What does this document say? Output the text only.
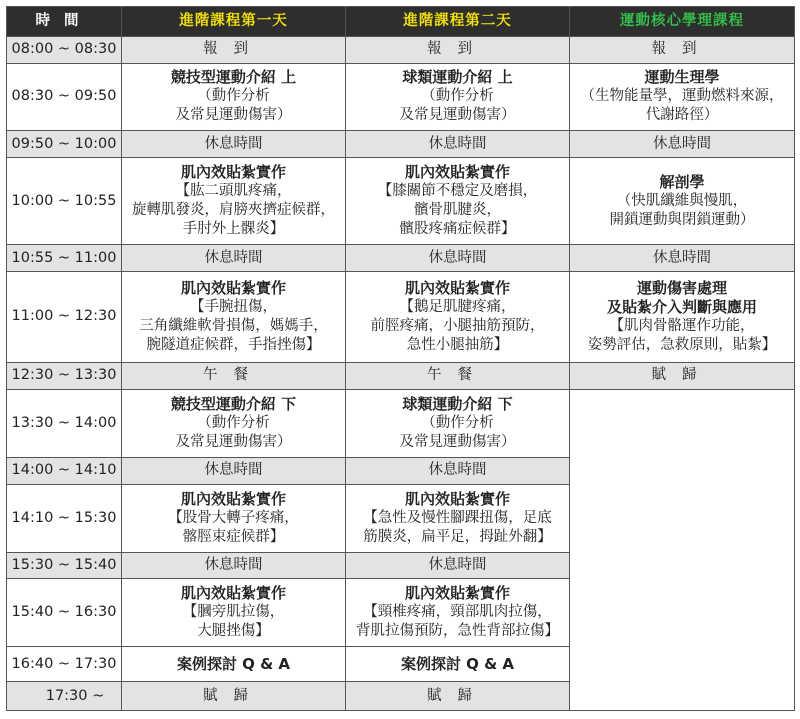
時間	進階課程第一天	進階課程第二天	運動核心學理課程
08:00 ~ 08:30	報到	報到	報到
08:30 ~ 09:50	競技型運動介紹 上
（動作分析
及常見運動傷害）	球類運動介紹 上
（動作分析
及常見運動傷害）	運動生理學
（生物能量學，運動燃料來源，
代謝路徑）

09:50 ~ 10:00	休息時間	休息時間	休息時間
10:00 ~ 10:55	肌內效貼紮實作
【肱二頭肌疼痛，
旋轉肌發炎，肩膀夾擠症候群，
手肘外上髁炎】	肌內效貼紮實作
【膝關節不穩定及磨損，
髕骨肌腱炎，
髕股疼痛症候群】	解剖學
（快肌纖維與慢肌，
開鎖運動與閉鎖運動）

10:55 ~ 11:00	休息時間	休息時間	休息時間
11:00 ~ 12:30	肌內效貼紮實作
【手腕扭傷，
三角纖維軟骨損傷，媽媽手，
腕隧道症候群，手指挫傷】	肌內效貼紮實作
【鵝足肌腱疼痛，
前脛疼痛，小腿抽筋預防，
急性小腿抽筋】	運動傷害處理
及貼紮介入判斷與應用
【肌肉骨骼運作功能，
姿勢評估，急救原則，貼紮】

12:30 ~ 13:30	午餐	午餐	賦歸
13:30 ~ 14:00	競技型運動介紹 下
（動作分析
及常見運動傷害）	球類運動介紹 下
（動作分析
及常見運動傷害）	

14:00 ~ 14:10	休息時間	休息時間	
14:10 ~ 15:30	肌內效貼紮實作
【股骨大轉子疼痛，
髂脛束症候群】	肌內效貼紮實作
【急性及慢性腳踝扭傷，足底
筋膜炎，扁平足，拇趾外翻】	

15:30 ~ 15:40	休息時間	休息時間	
15:40 ~ 16:30	肌內效貼紮實作
【膕旁肌拉傷，
大腿挫傷】	肌內效貼紮實作
【頸椎疼痛，頸部肌肉拉傷，
背肌拉傷預防，急性背部拉傷】	

16:40 ~ 17:30	案例探討 Q & A	案例探討 Q & A	

17:30 ~	賦歸	賦歸	
